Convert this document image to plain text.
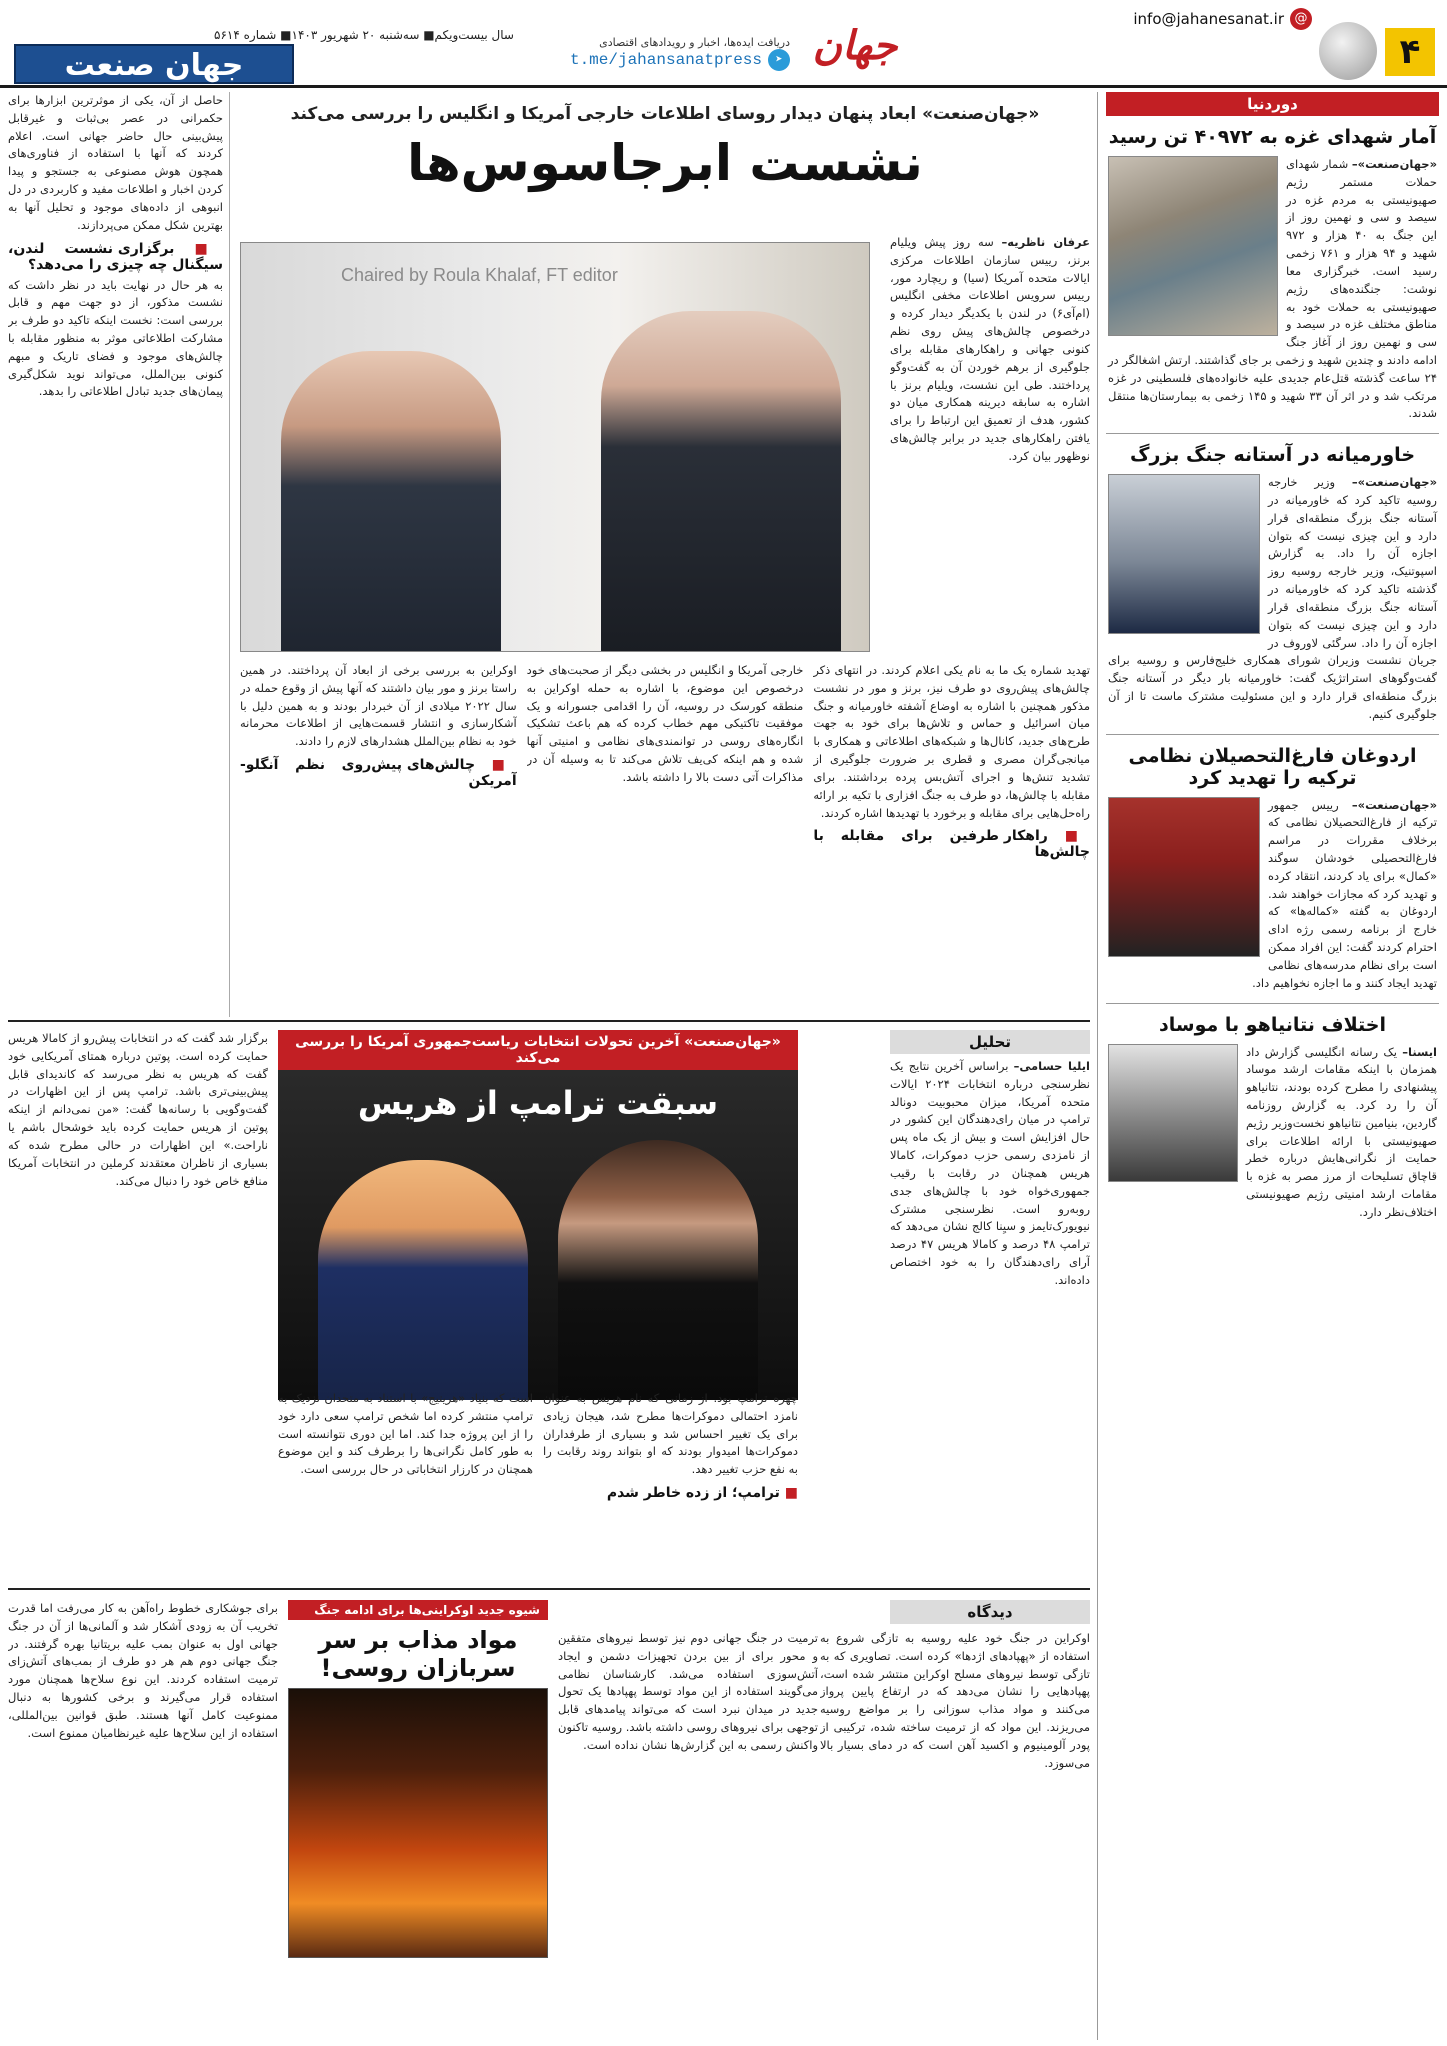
۴
info@jahanesanat.ir @
جهان
دریافت ایده‌ها، اخبار و رویدادهای اقتصادی
t.me/jahansanatpress	➤
سال بیست‌ویکم■ سه‌شنبه ۲۰ شهریور ۱۴۰۳■ شماره ۵۶۱۴
جهان صنعت
دوردنیا
آمار شهدای غزه به ۴۰۹۷۲ تن رسید

«جهان‌صنعت»– شمار شهدای حملات مستمر رژیم صهیونیستی به مردم غزه در سیصد و سی و نهمین روز از این جنگ به ۴۰ هزار و ۹۷۲ شهید و ۹۴ هزار و ۷۶۱ زخمی رسید است. خبرگزاری معا نوشت: جنگنده‌های رژیم صهیونیستی به حملات خود به مناطق مختلف غزه در سیصد و سی و نهمین روز از آغاز جنگ ادامه دادند و چندین شهید و زخمی بر جای گذاشتند. ارتش اشغالگر در ۲۴ ساعت گذشته قتل‌عام جدیدی علیه خانواده‌های فلسطینی در غزه مرتکب شد و در اثر آن ۳۳ شهید و ۱۴۵ زخمی به بیمارستان‌ها منتقل شدند.

خاورمیانه در آستانه جنگ بزرگ

«جهان‌صنعت»– وزیر خارجه روسیه تاکید کرد که خاورمیانه در آستانه جنگ بزرگ منطقه‌ای قرار دارد و این چیزی نیست که بتوان اجازه آن را داد. به گزارش اسپوتنیک، وزیر خارجه روسیه روز گذشته تاکید کرد که خاورمیانه در آستانه جنگ بزرگ منطقه‌ای قرار دارد و این چیزی نیست که بتوان اجازه آن را داد. سرگئی لاوروف در جریان نشست وزیران شورای همکاری خلیج‌فارس و روسیه برای گفت‌وگوهای استراتژیک گفت: خاورمیانه بار دیگر در آستانه جنگ بزرگ منطقه‌ای قرار دارد و این مسئولیت مشترک ماست تا از آن جلوگیری کنیم.

اردوغان فارغ‌التحصیلان نظامی ترکیه را تهدید کرد

«جهان‌صنعت»– رییس جمهور ترکیه از فارغ‌التحصیلان نظامی که برخلاف مقررات در مراسم فارغ‌التحصیلی خودشان سوگند «کمال» برای یاد کردند، انتقاد کرده و تهدید کرد که مجازات خواهند شد. اردوغان به گفته «کماله‌ها» که خارج از برنامه رسمی رژه ادای احترام کردند گفت: این افراد ممکن است برای نظام مدرسه‌های نظامی تهدید ایجاد کنند و ما اجازه نخواهیم داد.

اختلاف نتانیاهو با موساد

ایسنا– یک رسانه انگلیسی گزارش داد همزمان با اینکه مقامات ارشد موساد پیشنهادی را مطرح کرده بودند، نتانیاهو آن را رد کرد. به گزارش روزنامه گاردین، بنیامین نتانیاهو نخست‌وزیر رژیم صهیونیستی با ارائه اطلاعات برای حمایت از نگرانی‌هایش درباره خطر قاچاق تسلیحات از مرز مصر به غزه با مقامات ارشد امنیتی رژیم صهیونیستی اختلاف‌نظر دارد.

«جهان‌صنعت» ابعاد پنهان دیدار روسای اطلاعات خارجی آمریکا و انگلیس را بررسی می‌کند
نشست ابرجاسوس‌ها
عرفان ناظریه– سه روز پیش ویلیام برنز، رییس سازمان اطلاعات مرکزی ایالات متحده آمریکا (سیا) و ریچارد مور، رییس سرویس اطلاعات مخفی انگلیس (ام‌آی۶) در لندن با یکدیگر دیدار کرده و درخصوص چالش‌های پیش روی نظم کنونی جهانی و راهکارهای مقابله برای جلوگیری از برهم خوردن آن به گفت‌وگو پرداختند. طی این نشست، ویلیام برنز با اشاره به سابقه دیرینه همکاری میان دو کشور، هدف از تعمیق این ارتباط را برای یافتن راهکارهای جدید در برابر چالش‌های نوظهور بیان کرد.
Chaired by Roula Khalaf, FT editor
تهدید شماره یک ما به نام یکی اعلام کردند. در انتهای ذکر چالش‌های پیش‌روی دو طرف نیز، برنز و مور در نشست مذکور همچنین با اشاره به اوضاع آشفته خاورمیانه و جنگ میان اسرائیل و حماس و تلاش‌ها برای خود به جهت طرح‌های جدید، کانال‌ها و شبکه‌های اطلاعاتی و همکاری با میانجی‌گران مصری و قطری بر ضرورت جلوگیری از تشدید تنش‌ها و اجرای آتش‌بس پرده برداشتند. برای مقابله با چالش‌ها، دو طرف به جنگ افزاری با تکیه بر ارائه راه‌حل‌هایی برای مقابله و برخورد با تهدیدها اشاره کردند.
■ راهکار طرفین برای مقابله با چالش‌ها
خارجی آمریکا و انگلیس در بخشی دیگر از صحبت‌های خود درخصوص این موضوع، با اشاره به حمله اوکراین به منطقه کورسک در روسیه، آن را اقدامی جسورانه و یک موفقیت تاکتیکی مهم خطاب کرده که هم باعث تشکیک انگاره‌های روسی در توانمندی‌های نظامی و امنیتی آنها شده و هم اینکه کی‌یف تلاش می‌کند تا به وسیله آن در مذاکرات آتی دست بالا را داشته باشد.
اوکراین به بررسی برخی از ابعاد آن پرداختند. در همین راستا برنز و مور بیان داشتند که آنها پیش از وقوع حمله در سال ۲۰۲۲ میلادی از آن خبردار بودند و به همین دلیل با آشکارسازی و انتشار قسمت‌هایی از اطلاعات محرمانه خود به نظام بین‌الملل هشدارهای لازم را دادند.
■ چالش‌های پیش‌روی نظم آنگلو- آمریکن
حاصل از آن، یکی از موثرترین ابزارها برای حکمرانی در عصر بی‌ثبات و غیرقابل پیش‌بینی حال حاضر جهانی است. اعلام کردند که آنها با استفاده از فناوری‌های همچون هوش مصنوعی به جستجو و پیدا کردن اخبار و اطلاعات مفید و کاربردی در دل انبوهی از داده‌های موجود و تحلیل آنها به بهترین شکل ممکن می‌پردازند.
■ برگزاری نشست لندن، سیگنال چه چیزی را می‌دهد؟
به هر حال در نهایت باید در نظر داشت که نشست مذکور، از دو جهت مهم و قابل بررسی است: نخست اینکه تاکید دو طرف بر مشارکت اطلاعاتی موثر به منظور مقابله با چالش‌های موجود و فضای تاریک و مبهم کنونی بین‌الملل، می‌تواند نوید شکل‌گیری پیمان‌های جدید تبادل اطلاعاتی را بدهد.
تحلیل
ایلیا حسامی– براساس آخرین نتایج یک نظرسنجی درباره انتخابات ۲۰۲۴ ایالات متحده آمریکا، میزان محبوبیت دونالد ترامپ در میان رای‌دهندگان این کشور در حال افزایش است و بیش از یک ماه پس از نامزدی رسمی حزب دموکرات، کامالا هریس همچنان در رقابت با رقیب جمهوری‌خواه خود با چالش‌های جدی روبه‌رو است. نظرسنجی مشترک نیویورک‌تایمز و سیِنا کالج نشان می‌دهد که ترامپ ۴۸ درصد و کامالا هریس ۴۷ درصد آرای رای‌دهندگان را به خود اختصاص داده‌اند.
«جهان‌صنعت» آخرین تحولات انتخابات ریاست‌جمهوری آمریکا را بررسی می‌کند
سبقت ترامپ از هریس
چهره ترامپ بود. از زمانی که نام هریس به عنوان نامزد احتمالی دموکرات‌ها مطرح شد، هیجان زیادی برای یک تغییر احساس شد و بسیاری از طرفداران دموکرات‌ها امیدوار بودند که او بتواند روند رقابت را به نفع حزب تغییر دهد.
■ ترامپ؛ از زده خاطر شدم
است که بنیاد «هریتیج» با استناد به متحدان نزدیک به ترامپ منتشر کرده اما شخص ترامپ سعی دارد خود را از این پروژه جدا کند. اما این دوری نتوانسته است به طور کامل نگرانی‌ها را برطرف کند و این موضوع همچنان در کارزار انتخاباتی در حال بررسی است.
برگزار شد گفت که در انتخابات پیش‌رو از کامالا هریس حمایت کرده است. پوتین درباره همتای آمریکایی خود گفت که هریس به نظر می‌رسد که کاندیدای قابل پیش‌بینی‌تری باشد. ترامپ پس از این اظهارات در گفت‌وگویی با رسانه‌ها گفت: «من نمی‌دانم از اینکه پوتین از هریس حمایت کرده باید خوشحال باشم یا ناراحت.» این اظهارات در حالی مطرح شده که بسیاری از ناظران معتقدند کرملین در انتخابات آمریکا منافع خاص خود را دنبال می‌کند.
دیدگاه
اوکراین در جنگ خود علیه روسیه به تازگی شروع به استفاده از «پهپادهای اژدها» کرده است. تصاویری که به تازگی توسط نیروهای مسلح اوکراین منتشر شده است، پهپادهایی را نشان می‌دهد که در ارتفاع پایین پرواز می‌کنند و مواد مذاب سوزانی را بر مواضع روسیه می‌ریزند. این مواد که از ترمیت ساخته شده، ترکیبی از پودر آلومینیوم و اکسید آهن است که در دمای بسیار بالا می‌سوزد.
ترمیت در جنگ جهانی دوم نیز توسط نیروهای متفقین و محور برای از بین بردن تجهیزات دشمن و ایجاد آتش‌سوزی استفاده می‌شد. کارشناسان نظامی می‌گویند استفاده از این مواد توسط پهپادها یک تحول جدید در میدان نبرد است که می‌تواند پیامدهای قابل توجهی برای نیروهای روسی داشته باشد. روسیه تاکنون واکنش رسمی به این گزارش‌ها نشان نداده است.
شیوه جدید اوکراینی‌ها برای ادامه جنگ
مواد مذاب بر سر سربازان روسی!
برای جوشکاری خطوط راه‌آهن به کار می‌رفت اما قدرت تخریب آن به زودی آشکار شد و آلمانی‌ها از آن در جنگ جهانی اول به عنوان بمب علیه بریتانیا بهره گرفتند. در جنگ جهانی دوم هم هر دو طرف از بمب‌های آتش‌زای ترمیت استفاده کردند. این نوع سلاح‌ها همچنان مورد استفاده قرار می‌گیرند و برخی کشورها به دنبال ممنوعیت کامل آنها هستند. طبق قوانین بین‌المللی، استفاده از این سلاح‌ها علیه غیرنظامیان ممنوع است.
